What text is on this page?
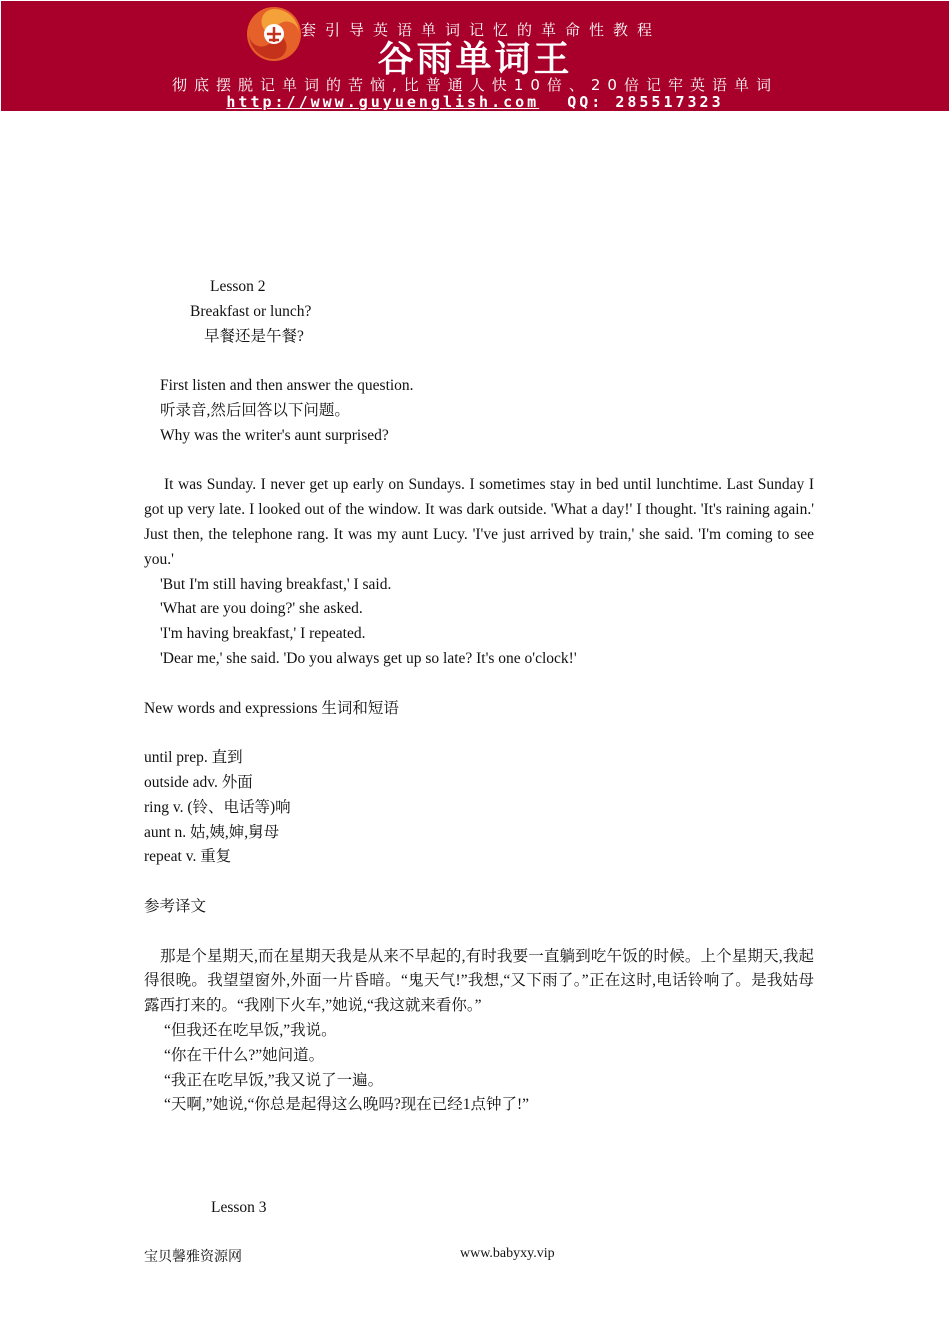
套引导英语单词记忆的革命性教程
谷雨单词王
彻底摆脱记单词的苦恼,比普通人快10倍、20倍记牢英语单词
http://www.guyuenglish.com QQ: 285517323
Lesson 2
Breakfast or lunch?
早餐还是午餐?
First listen and then answer the question.
听录音,然后回答以下问题。
Why was the writer's aunt surprised?
It was Sunday. I never get up early on Sundays. I sometimes stay in bed until lunchtime. Last Sunday I got up very late. I looked out of the window. It was dark outside. 'What a day!' I thought. 'It's raining again.' Just then, the telephone rang. It was my aunt Lucy. 'I've just arrived by train,' she said. 'I'm coming to see you.'
'But I'm still having breakfast,' I said.
'What are you doing?' she asked.
'I'm having breakfast,' I repeated.
'Dear me,' she said. 'Do you always get up so late? It's one o'clock!'
New words and expressions 生词和短语
until prep. 直到
outside adv. 外面
ring v. (铃、电话等)响
aunt n. 姑,姨,婶,舅母
repeat v. 重复
参考译文
那是个星期天,而在星期天我是从来不早起的,有时我要一直躺到吃午饭的时候。上个星期天,我起得很晚。我望望窗外,外面一片昏暗。“鬼天气!”我想,“又下雨了。”正在这时,电话铃响了。是我姑母露西打来的。“我刚下火车,”她说,“我这就来看你。”
“但我还在吃早饭,”我说。
“你在干什么?”她问道。
“我正在吃早饭,”我又说了一遍。
“天啊,”她说,“你总是起得这么晚吗?现在已经1点钟了!”
Lesson 3
宝贝馨雅资源网	www.babyxy.vip
